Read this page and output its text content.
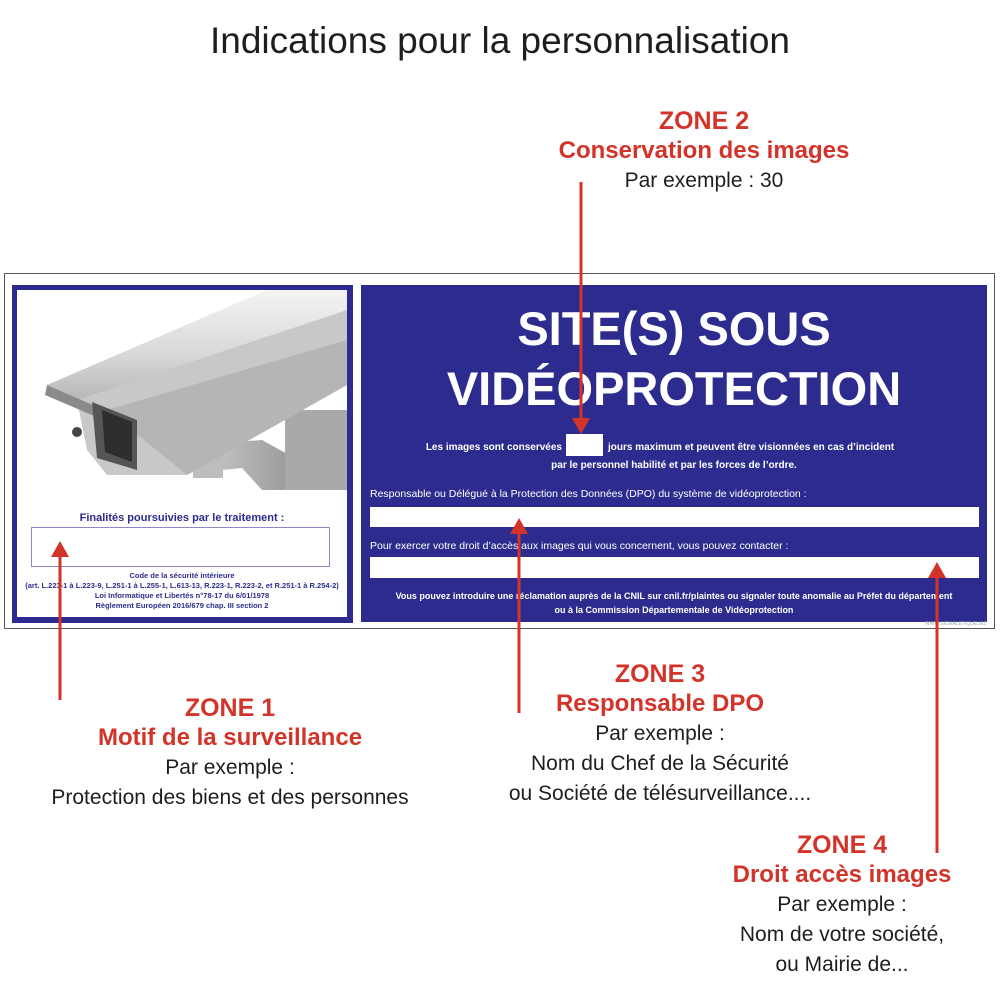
Indications pour la personnalisation
Finalités poursuivies par le traitement :
Code de la sécurité intérieure
(art. L.223-1 à L.223-9, L.251-1 à L.255-1, L.613-13, R.223-1, R.223-2, et R.251-1 à R.254-2)
Loi Informatique et Libertés n°78-17 du 6/01/1978
Règlement Européen 2016/679 chap. III section 2
SITE(S) SOUS
VIDÉOPROTECTION
Les images sont conservées	jours maximum et peuvent être visionnées en cas d’incident
par le personnel habilité et par les forces de l’ordre.
Responsable ou Délégué à la Protection des Données (DPO) du système de vidéoprotection :
Pour exercer votre droit d’accès aux images qui vous concernent, vous pouvez contacter :
Vous pouvez introduire une réclamation auprès de la CNIL sur cnil.fr/plaintes ou signaler toute anomalie au Préfet du département
ou à la Commission Départementale de Vidéoprotection
WWW.SIGNALETIQUE.BIZ
ZONE 2
Conservation des images
Par exemple : 30
ZONE 1
Motif de la surveillance
Par exemple :
Protection des biens et des personnes
ZONE 3
Responsable DPO
Par exemple :
Nom du Chef de la Sécurité
ou Société de télésurveillance....
ZONE 4
Droit accès images
Par exemple :
Nom de votre société,
ou Mairie de...
